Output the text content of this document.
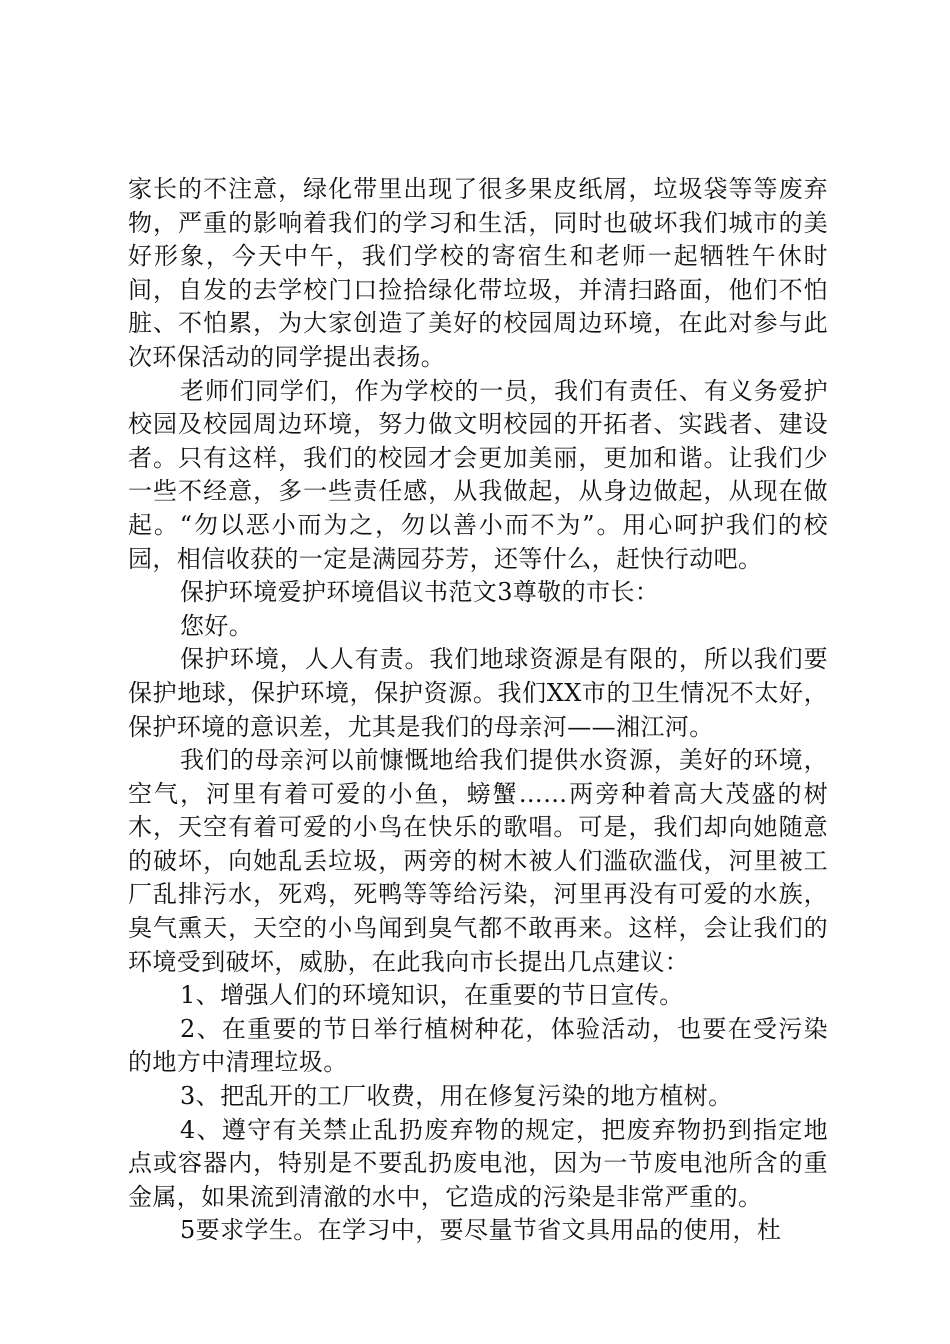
家长的不注意，绿化带里出现了很多果皮纸屑，垃圾袋等等废弃物，严重的影响着我们的学习和生活，同时也破坏我们城市的美好形象，今天中午，我们学校的寄宿生和老师一起牺牲午休时间，自发的去学校门口捡拾绿化带垃圾，并清扫路面，他们不怕脏、不怕累，为大家创造了美好的校园周边环境，在此对参与此次环保活动的同学提出表扬。

老师们同学们，作为学校的一员，我们有责任、有义务爱护校园及校园周边环境，努力做文明校园的开拓者、实践者、建设者。只有这样，我们的校园才会更加美丽，更加和谐。让我们少一些不经意，多一些责任感，从我做起，从身边做起，从现在做起。“勿以恶小而为之，勿以善小而不为”。用心呵护我们的校园，相信收获的一定是满园芬芳，还等什么，赶快行动吧。

保护环境爱护环境倡议书范文3尊敬的市长：

您好。

保护环境，人人有责。我们地球资源是有限的，所以我们要保护地球，保护环境，保护资源。我们XX市的卫生情况不太好，保护环境的意识差，尤其是我们的母亲河——湘江河。

我们的母亲河以前慷慨地给我们提供水资源，美好的环境，空气，河里有着可爱的小鱼，螃蟹……两旁种着高大茂盛的树木，天空有着可爱的小鸟在快乐的歌唱。可是，我们却向她随意的破坏，向她乱丢垃圾，两旁的树木被人们滥砍滥伐，河里被工厂乱排污水，死鸡，死鸭等等给污染，河里再没有可爱的水族，臭气熏天，天空的小鸟闻到臭气都不敢再来。这样，会让我们的环境受到破坏，威胁，在此我向市长提出几点建议：

1、增强人们的环境知识，在重要的节日宣传。

2、在重要的节日举行植树种花，体验活动，也要在受污染的地方中清理垃圾。

3、把乱开的工厂收费，用在修复污染的地方植树。

4、遵守有关禁止乱扔废弃物的规定，把废弃物扔到指定地点或容器内，特别是不要乱扔废电池，因为一节废电池所含的重金属，如果流到清澈的水中，它造成的污染是非常严重的。

5要求学生。在学习中，要尽量节省文具用品的使用，杜
